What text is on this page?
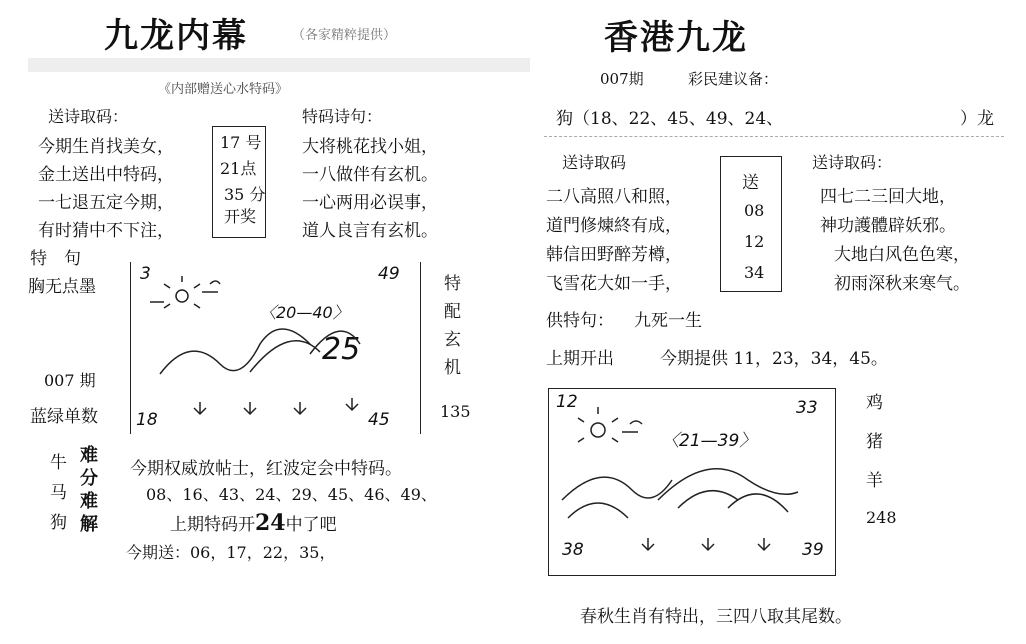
九龙内幕	（各家精粹提供）
《内部赠送心水特码》
送诗取码：	特码诗句：
今期生肖找美女，
金土送出中特码，
一七退五定今期，
有时猜中不下注，
17 号
21点
35 分
开奖
大将桃花找小姐，
一八做伴有玄机。
一心两用必误事，
道人良言有玄机。
特　句
胸无点墨
007 期
蓝绿单数
3	49
〈20—40〉
25
18	45
特
配
玄
机
135
牛
马
狗
难
分
难
解
今期权威放帖士，红波定会中特码。
08、16、43、24、29、45、46、49、
上期特码开24中了吧
今期送：06，17，22，35，
香港九龙
007期	彩民建议备：
狗（18、22、45、49、24、	）龙
送诗取码	送诗取码：
二八高照八和照，
道門修煉終有成，
韩信田野醉芳樽，
飞雪花大如一手，
送
08
12
34
四七二三回大地，
神功護體辟妖邪。
大地白风色色寒，
初雨深秋来寒气。
供特句： 九死一生
上期开出	今期提供 11，23，34，45。
12	33
〈21—39〉
38	39
鸡
猪
羊
248
春秋生肖有特出，三四八取其尾数。
